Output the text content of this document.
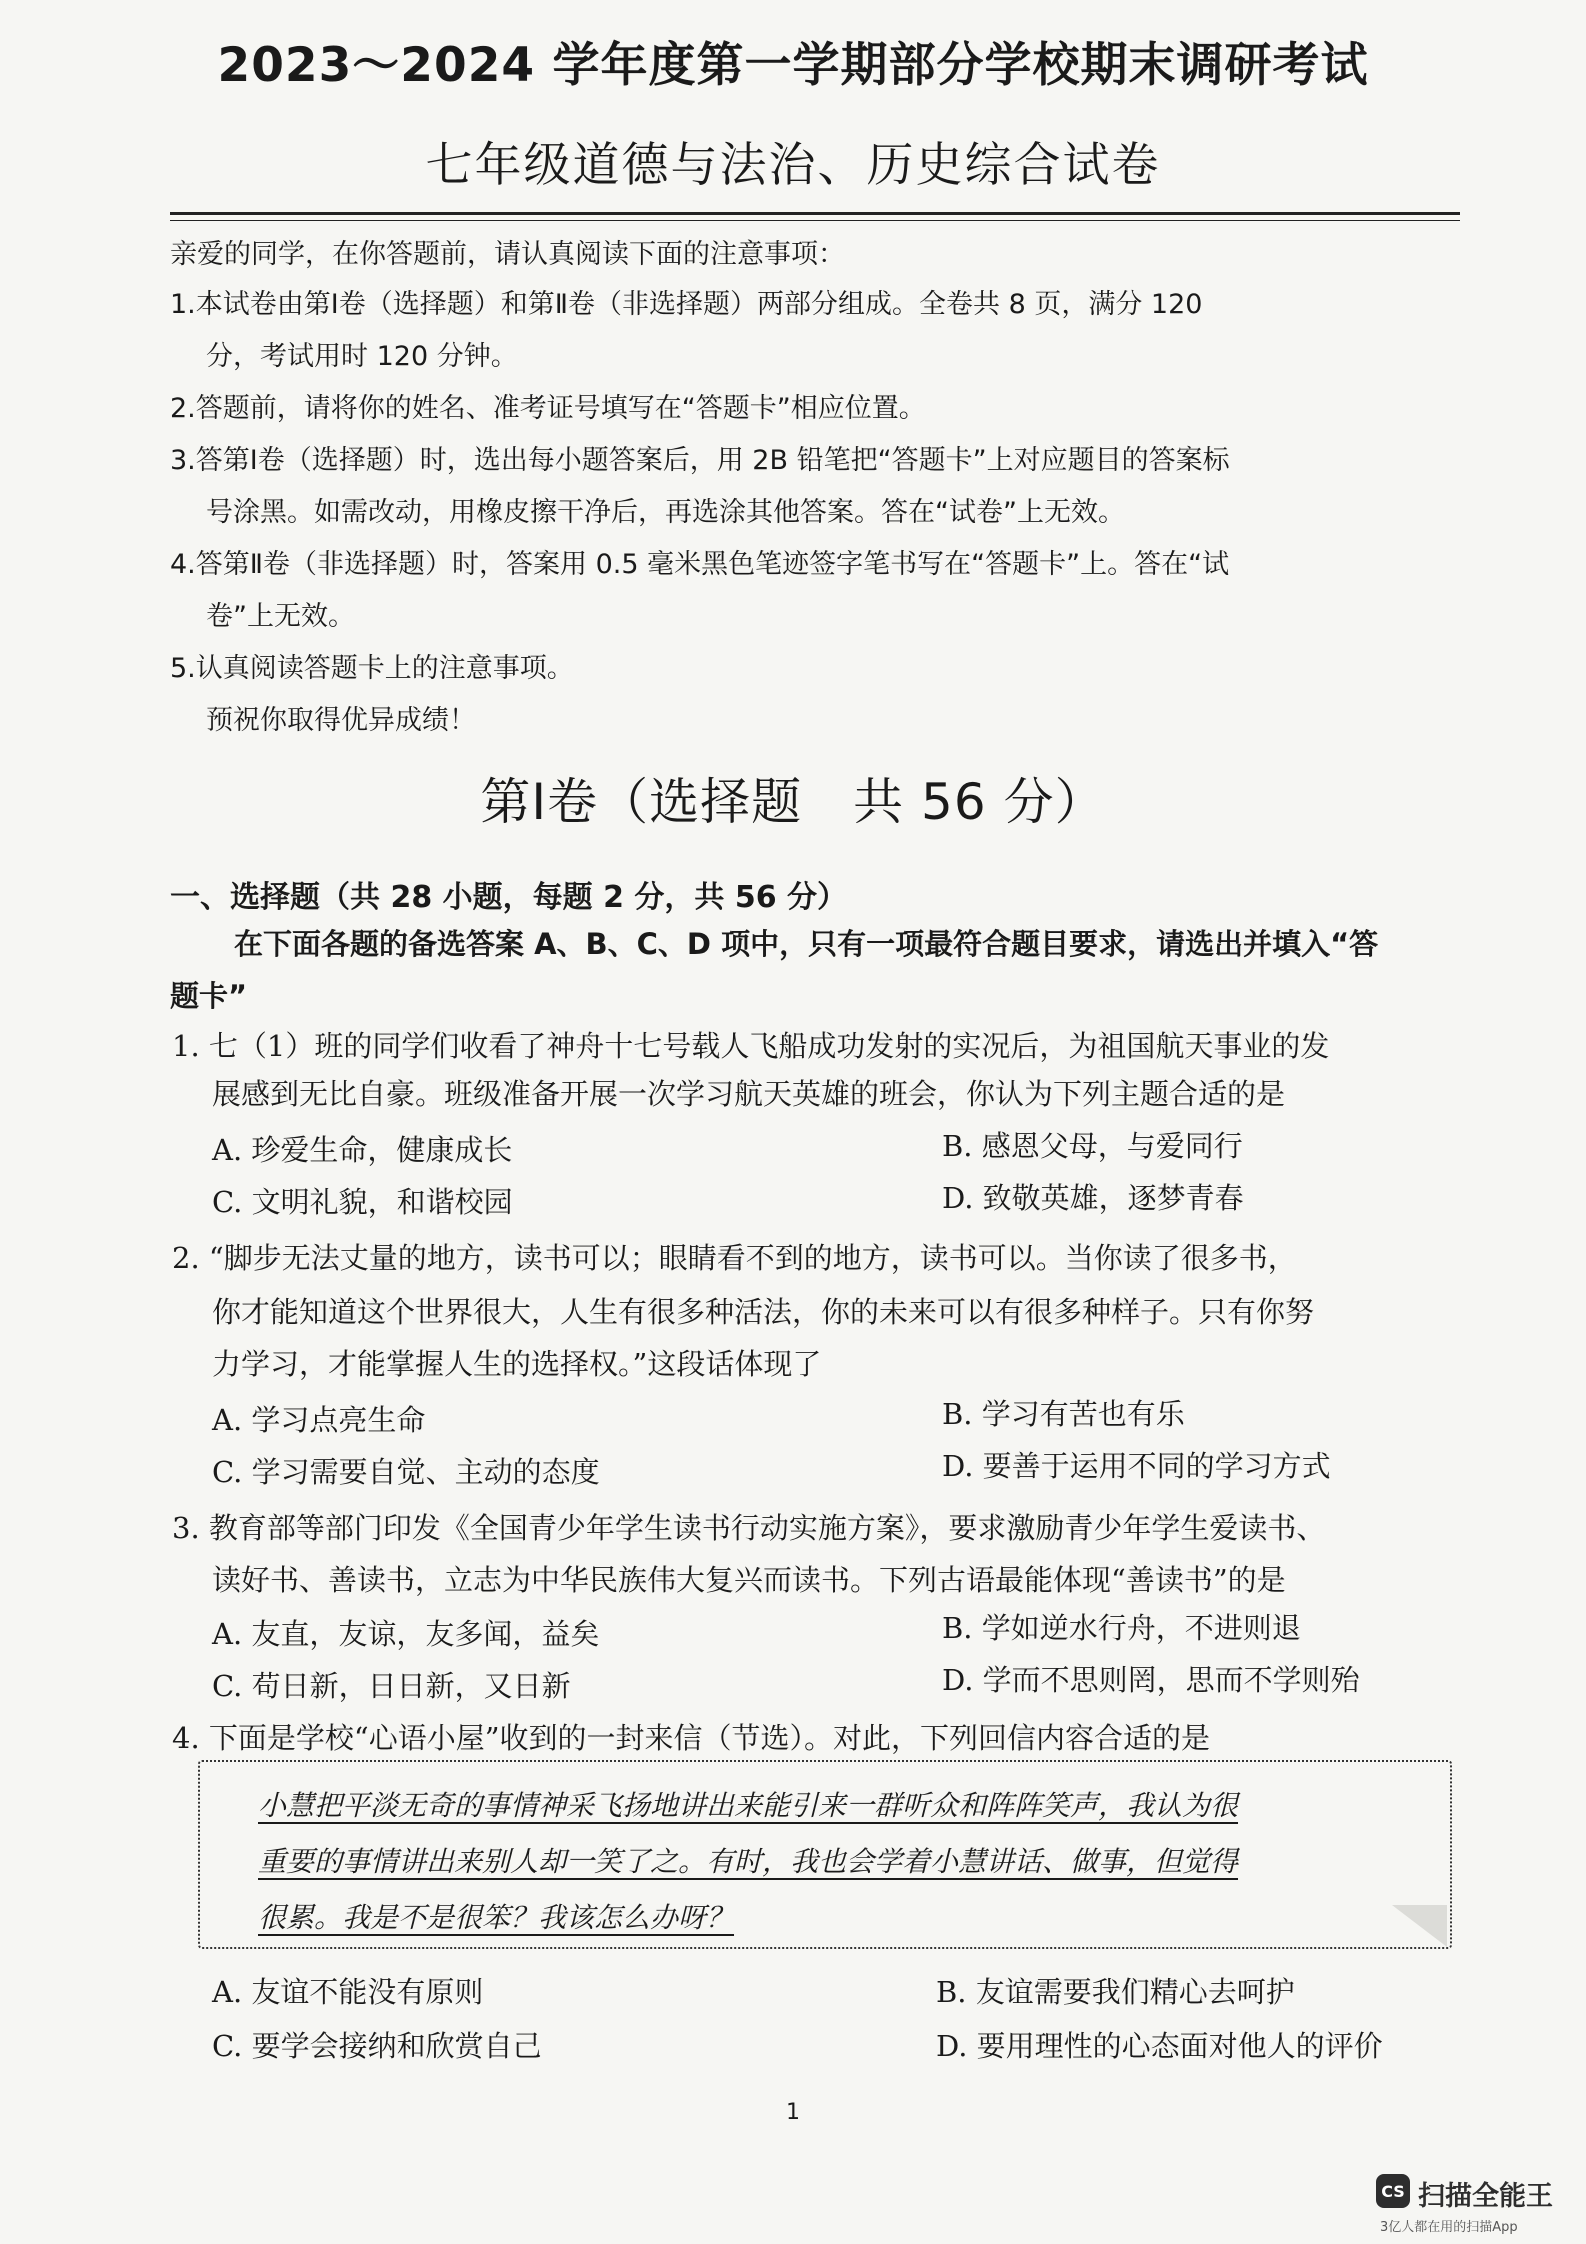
2023～2024 学年度第一学期部分学校期末调研考试
七年级道德与法治、历史综合试卷
亲爱的同学，在你答题前，请认真阅读下面的注意事项：
1.本试卷由第Ⅰ卷（选择题）和第Ⅱ卷（非选择题）两部分组成。全卷共 8 页，满分 120
分，考试用时 120 分钟。
2.答题前，请将你的姓名、准考证号填写在“答题卡”相应位置。
3.答第Ⅰ卷（选择题）时，选出每小题答案后，用 2B 铅笔把“答题卡”上对应题目的答案标
号涂黑。如需改动，用橡皮擦干净后，再选涂其他答案。答在“试卷”上无效。
4.答第Ⅱ卷（非选择题）时，答案用 0.5 毫米黑色笔迹签字笔书写在“答题卡”上。答在“试
卷”上无效。
5.认真阅读答题卡上的注意事项。
预祝你取得优异成绩！
第Ⅰ卷（选择题　共 56 分）
一、选择题（共 28 小题，每题 2 分，共 56 分）
在下面各题的备选答案 A、B、C、D 项中，只有一项最符合题目要求，请选出并填入“答
题卡”
1. 七（1）班的同学们收看了神舟十七号载人飞船成功发射的实况后，为祖国航天事业的发
展感到无比自豪。班级准备开展一次学习航天英雄的班会，你认为下列主题合适的是
A. 珍爱生命，健康成长	B. 感恩父母，与爱同行
C. 文明礼貌，和谐校园	D. 致敬英雄，逐梦青春
2. “脚步无法丈量的地方，读书可以；眼睛看不到的地方，读书可以。当你读了很多书，
你才能知道这个世界很大，人生有很多种活法，你的未来可以有很多种样子。只有你努
力学习，才能掌握人生的选择权。”这段话体现了
A. 学习点亮生命	B. 学习有苦也有乐
C. 学习需要自觉、主动的态度	D. 要善于运用不同的学习方式
3. 教育部等部门印发《全国青少年学生读书行动实施方案》，要求激励青少年学生爱读书、
读好书、善读书，立志为中华民族伟大复兴而读书。下列古语最能体现“善读书”的是
A. 友直，友谅，友多闻，益矣	B. 学如逆水行舟，不进则退
C. 苟日新，日日新，又日新	D. 学而不思则罔，思而不学则殆
4. 下面是学校“心语小屋”收到的一封来信（节选）。对此，下列回信内容合适的是
小慧把平淡无奇的事情神采飞扬地讲出来能引来一群听众和阵阵笑声，我认为很
重要的事情讲出来别人却一笑了之。有时，我也会学着小慧讲话、做事，但觉得
很累。我是不是很笨？我该怎么办呀？
A. 友谊不能没有原则	B. 友谊需要我们精心去呵护
C. 要学会接纳和欣赏自己	D. 要用理性的心态面对他人的评价
1
CS 扫描全能王
3亿人都在用的扫描App
